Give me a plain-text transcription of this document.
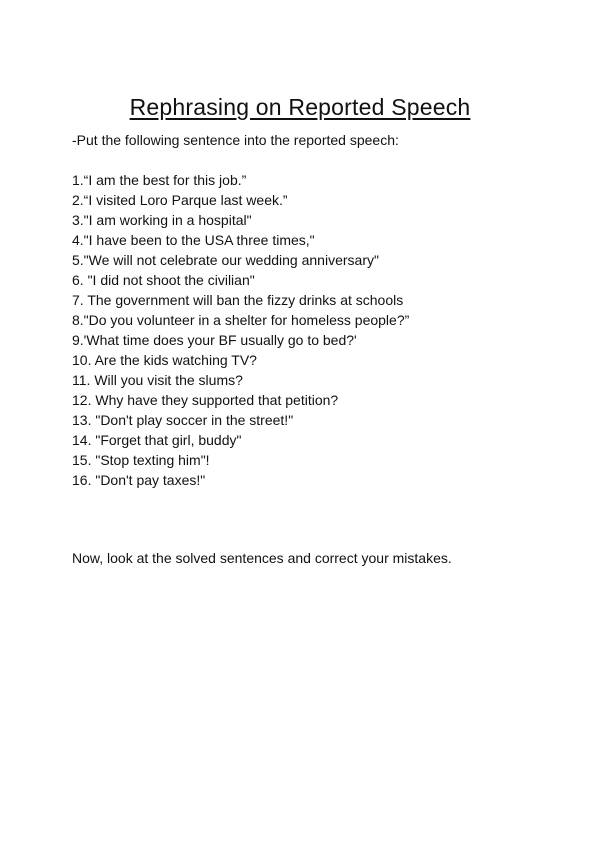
Rephrasing on Reported Speech

-Put the following sentence into the reported speech:

1.“I am the best for this job.”
2.“I visited Loro Parque last week.”
3."I am working in a hospital"
4."I have been to the USA three times,"
5."We will not celebrate our wedding anniversary"
6. "I did not shoot the civilian"
7. The government will ban the fizzy drinks at schools
8."Do you volunteer in a shelter for homeless people?”
9.'What time does your BF usually go to bed?'
10. Are the kids watching TV?
11. Will you visit the slums?
12. Why have they supported that petition?
13. "Don't play soccer in the street!"
14. "Forget that girl, buddy"
15. "Stop texting him"!
16. "Don't pay taxes!"

Now, look at the solved sentences and correct your mistakes.
